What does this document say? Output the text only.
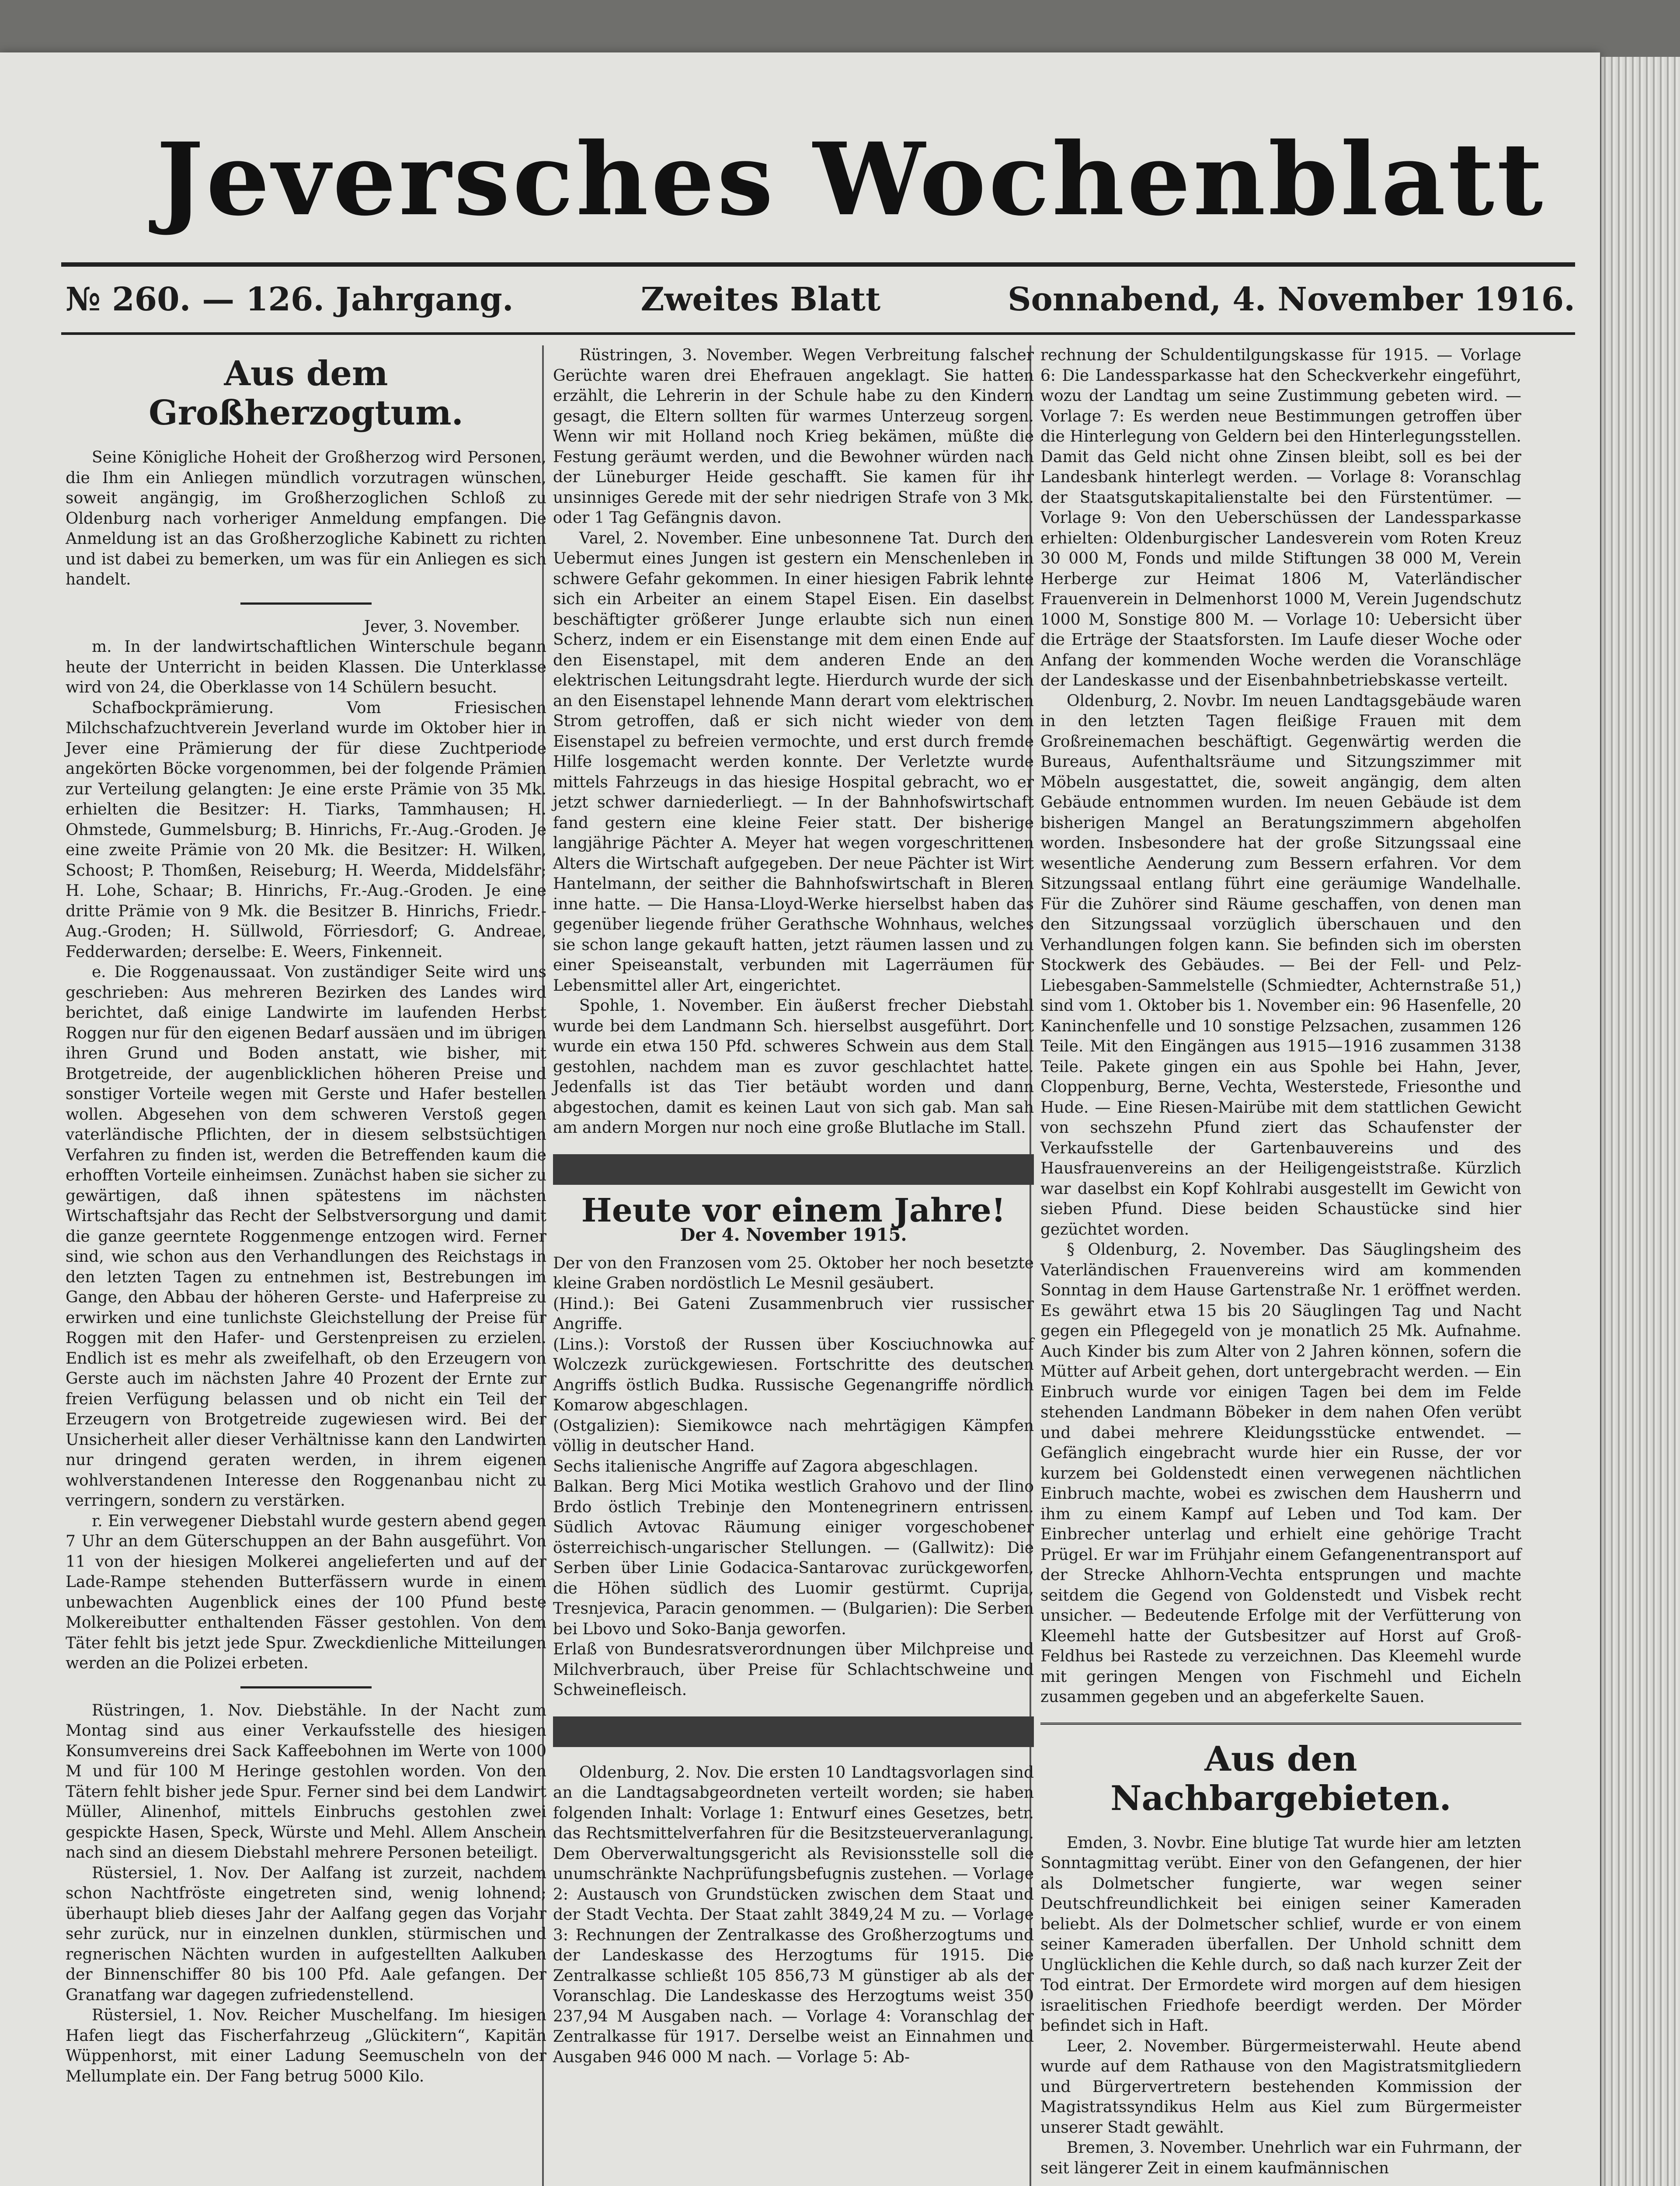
Jeversches Wochenblatt
№ 260. — 126. Jahrgang.	Zweites Blatt	Sonnabend, 4. November 1916.
Aus dem Großherzogtum.

Seine Königliche Hoheit der Großherzog wird Personen, die Ihm ein Anliegen mündlich vorzutragen wünschen, soweit angängig, im Großherzoglichen Schloß zu Oldenburg nach vorheriger Anmeldung empfangen. Die Anmeldung ist an das Großherzogliche Kabinett zu richten und ist dabei zu bemerken, um was für ein Anliegen es sich handelt.

Jever, 3. November.

m. In der landwirtschaftlichen Winterschule begann heute der Unterricht in beiden Klassen. Die Unterklasse wird von 24, die Oberklasse von 14 Schülern besucht.

Schafbockprämierung. Vom Friesischen Milchschafzuchtverein Jeverland wurde im Oktober hier in Jever eine Prämierung der für diese Zuchtperiode angekörten Böcke vorgenommen, bei der folgende Prämien zur Verteilung gelangten: Je eine erste Prämie von 35 Mk. erhielten die Besitzer: H. Tiarks, Tammhausen; H. Ohmstede, Gummelsburg; B. Hinrichs, Fr.-Aug.-Groden. Je eine zweite Prämie von 20 Mk. die Besitzer: H. Wilken, Schoost; P. Thomßen, Reiseburg; H. Weerda, Middelsfähr; H. Lohe, Schaar; B. Hinrichs, Fr.-Aug.-Groden. Je eine dritte Prämie von 9 Mk. die Besitzer B. Hinrichs, Friedr.-Aug.-Groden; H. Süllwold, Förriesdorf; G. Andreae, Fedderwarden; derselbe: E. Weers, Finkenneit.

e. Die Roggenaussaat. Von zuständiger Seite wird uns geschrieben: Aus mehreren Bezirken des Landes wird berichtet, daß einige Landwirte im laufenden Herbst Roggen nur für den eigenen Bedarf aussäen und im übrigen ihren Grund und Boden anstatt, wie bisher, mit Brotgetreide, der augenblicklichen höheren Preise und sonstiger Vorteile wegen mit Gerste und Hafer bestellen wollen. Abgesehen von dem schweren Verstoß gegen vaterländische Pflichten, der in diesem selbstsüchtigen Verfahren zu finden ist, werden die Betreffenden kaum die erhofften Vorteile einheimsen. Zunächst haben sie sicher zu gewärtigen, daß ihnen spätestens im nächsten Wirtschaftsjahr das Recht der Selbstversorgung und damit die ganze geerntete Roggenmenge entzogen wird. Ferner sind, wie schon aus den Verhandlungen des Reichstags in den letzten Tagen zu entnehmen ist, Bestrebungen im Gange, den Abbau der höheren Gerste- und Haferpreise zu erwirken und eine tunlichste Gleichstellung der Preise für Roggen mit den Hafer- und Gerstenpreisen zu erzielen. Endlich ist es mehr als zweifelhaft, ob den Erzeugern von Gerste auch im nächsten Jahre 40 Prozent der Ernte zur freien Verfügung belassen und ob nicht ein Teil der Erzeugern von Brotgetreide zugewiesen wird. Bei der Unsicherheit aller dieser Verhältnisse kann den Landwirten nur dringend geraten werden, in ihrem eigenen wohlverstandenen Interesse den Roggenanbau nicht zu verringern, sondern zu verstärken.

r. Ein verwegener Diebstahl wurde gestern abend gegen 7 Uhr an dem Güterschuppen an der Bahn ausgeführt. Von 11 von der hiesigen Molkerei angelieferten und auf der Lade-Rampe stehenden Butterfässern wurde in einem unbewachten Augenblick eines der 100 Pfund beste Molkereibutter enthaltenden Fässer gestohlen. Von dem Täter fehlt bis jetzt jede Spur. Zweckdienliche Mitteilungen werden an die Polizei erbeten.

Rüstringen, 1. Nov. Diebstähle. In der Nacht zum Montag sind aus einer Verkaufsstelle des hiesigen Konsumvereins drei Sack Kaffeebohnen im Werte von 1000 M und für 100 M Heringe gestohlen worden. Von den Tätern fehlt bisher jede Spur. Ferner sind bei dem Landwirt Müller, Alinenhof, mittels Einbruchs gestohlen zwei gespickte Hasen, Speck, Würste und Mehl. Allem Anschein nach sind an diesem Diebstahl mehrere Personen beteiligt.

Rüstersiel, 1. Nov. Der Aalfang ist zurzeit, nachdem schon Nachtfröste eingetreten sind, wenig lohnend; überhaupt blieb dieses Jahr der Aalfang gegen das Vorjahr sehr zurück, nur in einzelnen dunklen, stürmischen und regnerischen Nächten wurden in aufgestellten Aalkuben der Binnenschiffer 80 bis 100 Pfd. Aale gefangen. Der Granatfang war dagegen zufriedenstellend.

Rüstersiel, 1. Nov. Reicher Muschelfang. Im hiesigen Hafen liegt das Fischerfahrzeug „Glückitern“, Kapitän Wüppenhorst, mit einer Ladung Seemuscheln von der Mellumplate ein. Der Fang betrug 5000 Kilo.

Rüstringen, 3. November. Wegen Verbreitung falscher Gerüchte waren drei Ehefrauen angeklagt. Sie hatten erzählt, die Lehrerin in der Schule habe zu den Kindern gesagt, die Eltern sollten für warmes Unterzeug sorgen. Wenn wir mit Holland noch Krieg bekämen, müßte die Festung geräumt werden, und die Bewohner würden nach der Lüneburger Heide geschafft. Sie kamen für ihr unsinniges Gerede mit der sehr niedrigen Strafe von 3 Mk. oder 1 Tag Gefängnis davon.

Varel, 2. November. Eine unbesonnene Tat. Durch den Uebermut eines Jungen ist gestern ein Menschenleben in schwere Gefahr gekommen. In einer hiesigen Fabrik lehnte sich ein Arbeiter an einem Stapel Eisen. Ein daselbst beschäftigter größerer Junge erlaubte sich nun einen Scherz, indem er ein Eisenstange mit dem einen Ende auf den Eisenstapel, mit dem anderen Ende an den elektrischen Leitungsdraht legte. Hierdurch wurde der sich an den Eisenstapel lehnende Mann derart vom elektrischen Strom getroffen, daß er sich nicht wieder von dem Eisenstapel zu befreien vermochte, und erst durch fremde Hilfe losgemacht werden konnte. Der Verletzte wurde mittels Fahrzeugs in das hiesige Hospital gebracht, wo er jetzt schwer darniederliegt. — In der Bahnhofswirtschaft fand gestern eine kleine Feier statt. Der bisherige langjährige Pächter A. Meyer hat wegen vorgeschrittenen Alters die Wirtschaft aufgegeben. Der neue Pächter ist Wirt Hantelmann, der seither die Bahnhofswirtschaft in Bleren inne hatte. — Die Hansa-Lloyd-Werke hierselbst haben das gegenüber liegende früher Gerathsche Wohnhaus, welches sie schon lange gekauft hatten, jetzt räumen lassen und zu einer Speiseanstalt, verbunden mit Lagerräumen für Lebensmittel aller Art, eingerichtet.

Spohle, 1. November. Ein äußerst frecher Diebstahl wurde bei dem Landmann Sch. hierselbst ausgeführt. Dort wurde ein etwa 150 Pfd. schweres Schwein aus dem Stall gestohlen, nachdem man es zuvor geschlachtet hatte. Jedenfalls ist das Tier betäubt worden und dann abgestochen, damit es keinen Laut von sich gab. Man sah am andern Morgen nur noch eine große Blutlache im Stall.

Heute vor einem Jahre!
Der 4. November 1915.

Der von den Franzosen vom 25. Oktober her noch besetzte kleine Graben nordöstlich Le Mesnil gesäubert.

(Hind.): Bei Gateni Zusammenbruch vier russischer Angriffe.

(Lins.): Vorstoß der Russen über Kosciuchnowka auf Wolczezk zurückgewiesen. Fortschritte des deutschen Angriffs östlich Budka. Russische Gegenangriffe nördlich Komarow abgeschlagen.

(Ostgalizien): Siemikowce nach mehrtägigen Kämpfen völlig in deutscher Hand.

Sechs italienische Angriffe auf Zagora abgeschlagen.

Balkan. Berg Mici Motika westlich Grahovo und der Ilino Brdo östlich Trebinje den Montenegrinern entrissen. Südlich Avtovac Räumung einiger vorgeschobener österreichisch-ungarischer Stellungen. — (Gallwitz): Die Serben über Linie Godacica-Santarovac zurückgeworfen, die Höhen südlich des Luomir gestürmt. Cuprija, Tresnjevica, Paracin genommen. — (Bulgarien): Die Serben bei Lbovo und Soko-Banja geworfen.

Erlaß von Bundesratsverordnungen über Milchpreise und Milchverbrauch, über Preise für Schlachtschweine und Schweinefleisch.

Oldenburg, 2. Nov. Die ersten 10 Landtagsvorlagen sind an die Landtagsabgeordneten verteilt worden; sie haben folgenden Inhalt: Vorlage 1: Entwurf eines Gesetzes, betr. das Rechtsmittelverfahren für die Besitzsteuerveranlagung. Dem Oberverwaltungsgericht als Revisionsstelle soll die unumschränkte Nachprüfungsbefugnis zustehen. — Vorlage 2: Austausch von Grundstücken zwischen dem Staat und der Stadt Vechta. Der Staat zahlt 3849,24 M zu. — Vorlage 3: Rechnungen der Zentralkasse des Großherzogtums und der Landeskasse des Herzogtums für 1915. Die Zentralkasse schließt 105 856,73 M günstiger ab als der Voranschlag. Die Landeskasse des Herzogtums weist 350 237,94 M Ausgaben nach. — Vorlage 4: Voranschlag der Zentralkasse für 1917. Derselbe weist an Einnahmen und Ausgaben 946 000 M nach. — Vorlage 5: Ab-

rechnung der Schuldentilgungskasse für 1915. — Vorlage 6: Die Landessparkasse hat den Scheckverkehr eingeführt, wozu der Landtag um seine Zustimmung gebeten wird. — Vorlage 7: Es werden neue Bestimmungen getroffen über die Hinterlegung von Geldern bei den Hinterlegungsstellen. Damit das Geld nicht ohne Zinsen bleibt, soll es bei der Landesbank hinterlegt werden. — Vorlage 8: Voranschlag der Staatsgutskapitalienstalte bei den Fürstentümer. — Vorlage 9: Von den Ueberschüssen der Landessparkasse erhielten: Oldenburgischer Landesverein vom Roten Kreuz 30 000 M, Fonds und milde Stiftungen 38 000 M, Verein Herberge zur Heimat 1806 M, Vaterländischer Frauenverein in Delmenhorst 1000 M, Verein Jugendschutz 1000 M, Sonstige 800 M. — Vorlage 10: Uebersicht über die Erträge der Staatsforsten. Im Laufe dieser Woche oder Anfang der kommenden Woche werden die Voranschläge der Landeskasse und der Eisenbahnbetriebskasse verteilt.

Oldenburg, 2. Novbr. Im neuen Landtagsgebäude waren in den letzten Tagen fleißige Frauen mit dem Großreinemachen beschäftigt. Gegenwärtig werden die Bureaus, Aufenthaltsräume und Sitzungszimmer mit Möbeln ausgestattet, die, soweit angängig, dem alten Gebäude entnommen wurden. Im neuen Gebäude ist dem bisherigen Mangel an Beratungszimmern abgeholfen worden. Insbesondere hat der große Sitzungssaal eine wesentliche Aenderung zum Bessern erfahren. Vor dem Sitzungssaal entlang führt eine geräumige Wandelhalle. Für die Zuhörer sind Räume geschaffen, von denen man den Sitzungssaal vorzüglich überschauen und den Verhandlungen folgen kann. Sie befinden sich im obersten Stockwerk des Gebäudes. — Bei der Fell- und Pelz-Liebesgaben-Sammelstelle (Schmiedter, Achternstraße 51,) sind vom 1. Oktober bis 1. November ein: 96 Hasenfelle, 20 Kaninchenfelle und 10 sonstige Pelzsachen, zusammen 126 Teile. Mit den Eingängen aus 1915—1916 zusammen 3138 Teile. Pakete gingen ein aus Spohle bei Hahn, Jever, Cloppenburg, Berne, Vechta, Westerstede, Friesonthe und Hude. — Eine Riesen-Mairübe mit dem stattlichen Gewicht von sechszehn Pfund ziert das Schaufenster der Verkaufsstelle der Gartenbauvereins und des Hausfrauenvereins an der Heiligengeiststraße. Kürzlich war daselbst ein Kopf Kohlrabi ausgestellt im Gewicht von sieben Pfund. Diese beiden Schaustücke sind hier gezüchtet worden.

§ Oldenburg, 2. November. Das Säuglingsheim des Vaterländischen Frauenvereins wird am kommenden Sonntag in dem Hause Gartenstraße Nr. 1 eröffnet werden. Es gewährt etwa 15 bis 20 Säuglingen Tag und Nacht gegen ein Pflegegeld von je monatlich 25 Mk. Aufnahme. Auch Kinder bis zum Alter von 2 Jahren können, sofern die Mütter auf Arbeit gehen, dort untergebracht werden. — Ein Einbruch wurde vor einigen Tagen bei dem im Felde stehenden Landmann Böbeker in dem nahen Ofen verübt und dabei mehrere Kleidungsstücke entwendet. — Gefänglich eingebracht wurde hier ein Russe, der vor kurzem bei Goldenstedt einen verwegenen nächtlichen Einbruch machte, wobei es zwischen dem Hausherrn und ihm zu einem Kampf auf Leben und Tod kam. Der Einbrecher unterlag und erhielt eine gehörige Tracht Prügel. Er war im Frühjahr einem Gefangenentransport auf der Strecke Ahlhorn-Vechta entsprungen und machte seitdem die Gegend von Goldenstedt und Visbek recht unsicher. — Bedeutende Erfolge mit der Verfütterung von Kleemehl hatte der Gutsbesitzer auf Horst auf Groß-Feldhus bei Rastede zu verzeichnen. Das Kleemehl wurde mit geringen Mengen von Fischmehl und Eicheln zusammen gegeben und an abgeferkelte Sauen.

Aus den Nachbargebieten.

Emden, 3. Novbr. Eine blutige Tat wurde hier am letzten Sonntagmittag verübt. Einer von den Gefangenen, der hier als Dolmetscher fungierte, war wegen seiner Deutschfreundlichkeit bei einigen seiner Kameraden beliebt. Als der Dolmetscher schlief, wurde er von einem seiner Kameraden überfallen. Der Unhold schnitt dem Unglücklichen die Kehle durch, so daß nach kurzer Zeit der Tod eintrat. Der Ermordete wird morgen auf dem hiesigen israelitischen Friedhofe beerdigt werden. Der Mörder befindet sich in Haft.

Leer, 2. November. Bürgermeisterwahl. Heute abend wurde auf dem Rathause von den Magistratsmitgliedern und Bürgervertretern bestehenden Kommission der Magistratssyndikus Helm aus Kiel zum Bürgermeister unserer Stadt gewählt.

Bremen, 3. November. Unehrlich war ein Fuhrmann, der seit längerer Zeit in einem kaufmännischen
